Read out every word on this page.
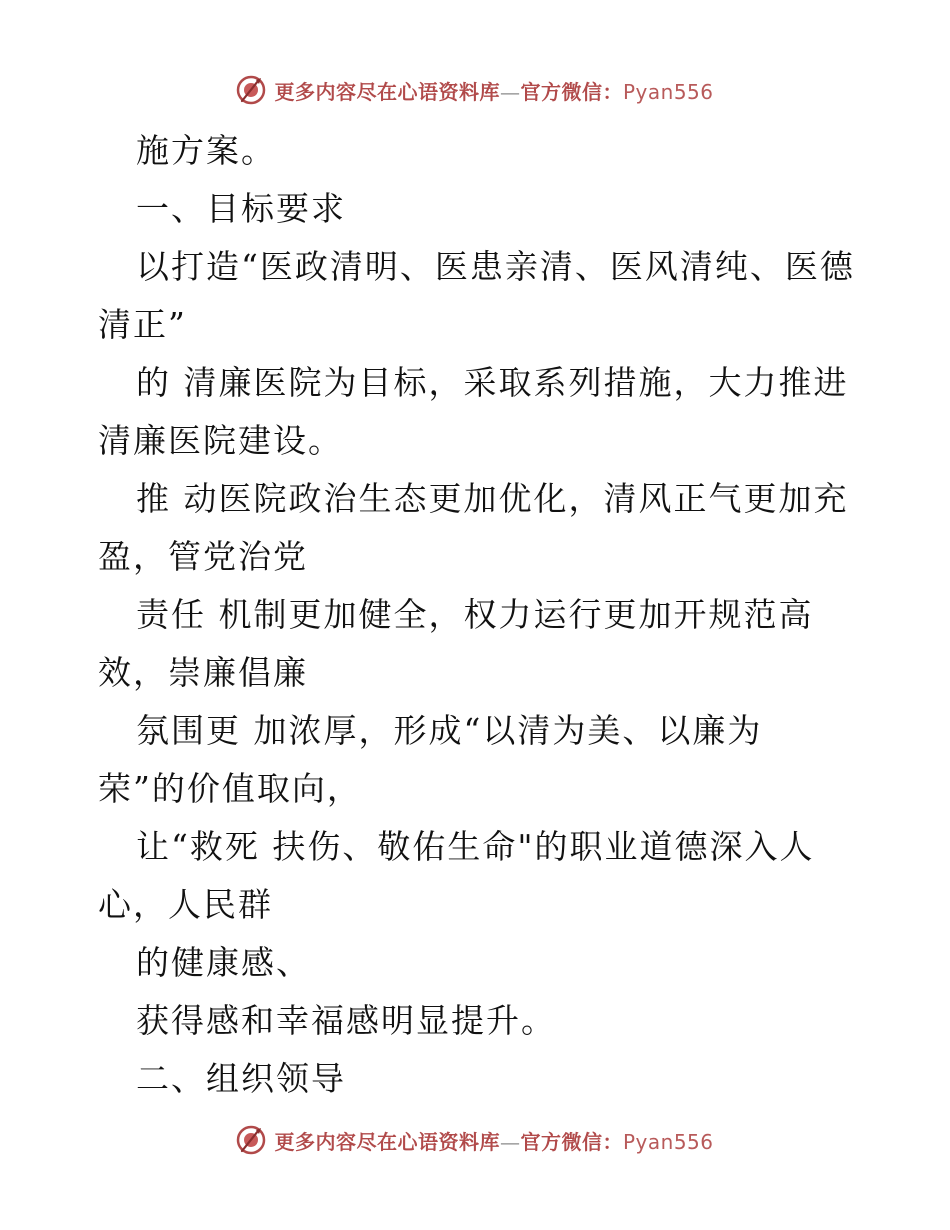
更多内容尽在心语资料库—官方微信：Pyan556
施方案。
一、目标要求
以打造“医政清明、医患亲清、医风清纯、医德
清正”
的 清廉医院为目标，采取系列措施，大力推进
清廉医院建设。
推 动医院政治生态更加优化，清风正气更加充
盈，管党治党
责任 机制更加健全，权力运行更加开规范高
效，崇廉倡廉
氛围更 加浓厚，形成“以清为美、以廉为
荣”的价值取向，
让“救死 扶伤、敬佑生命"的职业道德深入人
心，人民群
的健康感、
获得感和幸福感明显提升。
二、组织领导
更多内容尽在心语资料库—官方微信：Pyan556
